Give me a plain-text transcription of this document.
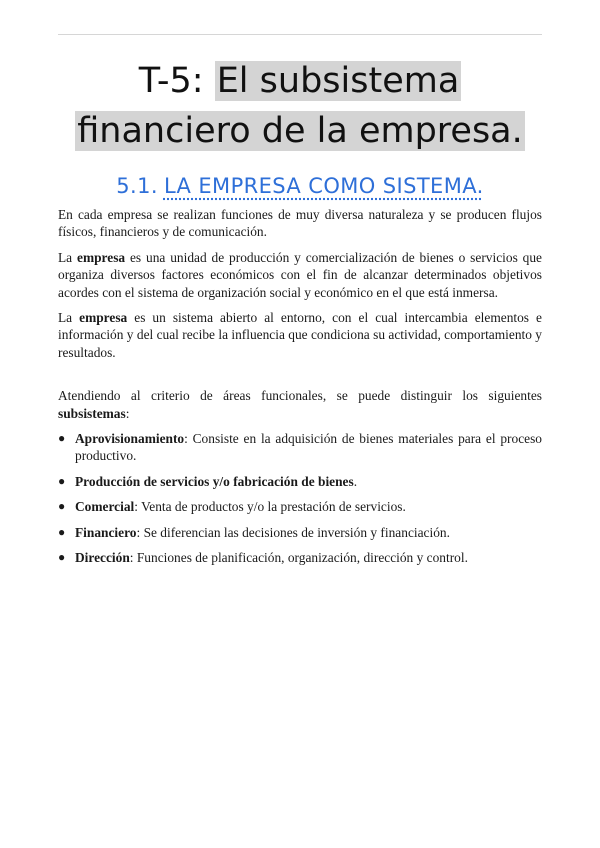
T-5: El subsistema
financiero de la empresa.
5.1. LA EMPRESA COMO SISTEMA.

En cada empresa se realizan funciones de muy diversa naturaleza y se producen flujos físicos, financieros y de comunicación.

La empresa es una unidad de producción y comercialización de bienes o servicios que organiza diversos factores económicos con el fin de alcanzar determinados objetivos acordes con el sistema de organización social y económico en el que está inmersa.

La empresa es un sistema abierto al entorno, con el cual intercambia elementos e información y del cual recibe la influencia que condiciona su actividad, comportamiento y resultados.

Atendiendo al criterio de áreas funcionales, se puede distinguir los siguientes subsistemas:

● Aprovisionamiento: Consiste en la adquisición de bienes materiales para el proceso productivo.
● Producción de servicios y/o fabricación de bienes.
● Comercial: Venta de productos y/o la prestación de servicios.
● Financiero: Se diferencian las decisiones de inversión y financiación.
● Dirección: Funciones de planificación, organización, dirección y control.
